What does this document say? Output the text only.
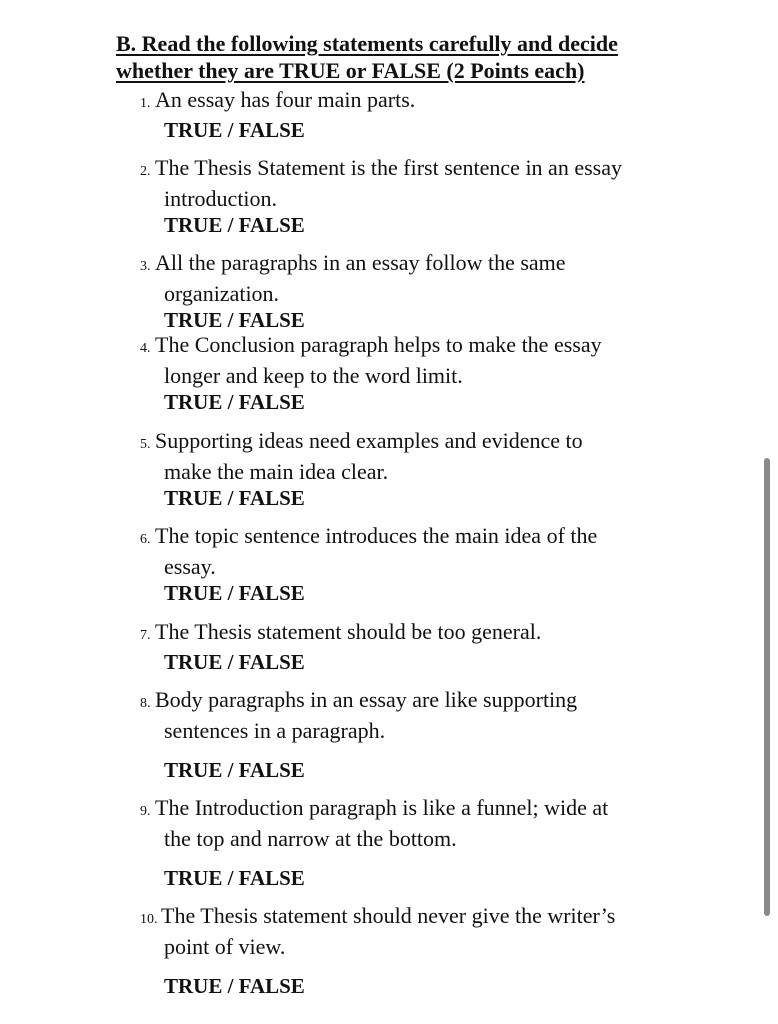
B. Read the following statements carefully and decide
whether they are TRUE or FALSE (2 Points each)
1. An essay has four main parts.
TRUE / FALSE
2. The Thesis Statement is the first sentence in an essay
introduction.
TRUE / FALSE
3. All the paragraphs in an essay follow the same
organization.
TRUE / FALSE
4. The Conclusion paragraph helps to make the essay
longer and keep to the word limit.
TRUE / FALSE
5. Supporting ideas need examples and evidence to
make the main idea clear.
TRUE / FALSE
6. The topic sentence introduces the main idea of the
essay.
TRUE / FALSE
7. The Thesis statement should be too general.
TRUE / FALSE
8. Body paragraphs in an essay are like supporting
sentences in a paragraph.
TRUE / FALSE
9. The Introduction paragraph is like a funnel; wide at
the top and narrow at the bottom.
TRUE / FALSE
10. The Thesis statement should never give the writer’s
point of view.
TRUE / FALSE
